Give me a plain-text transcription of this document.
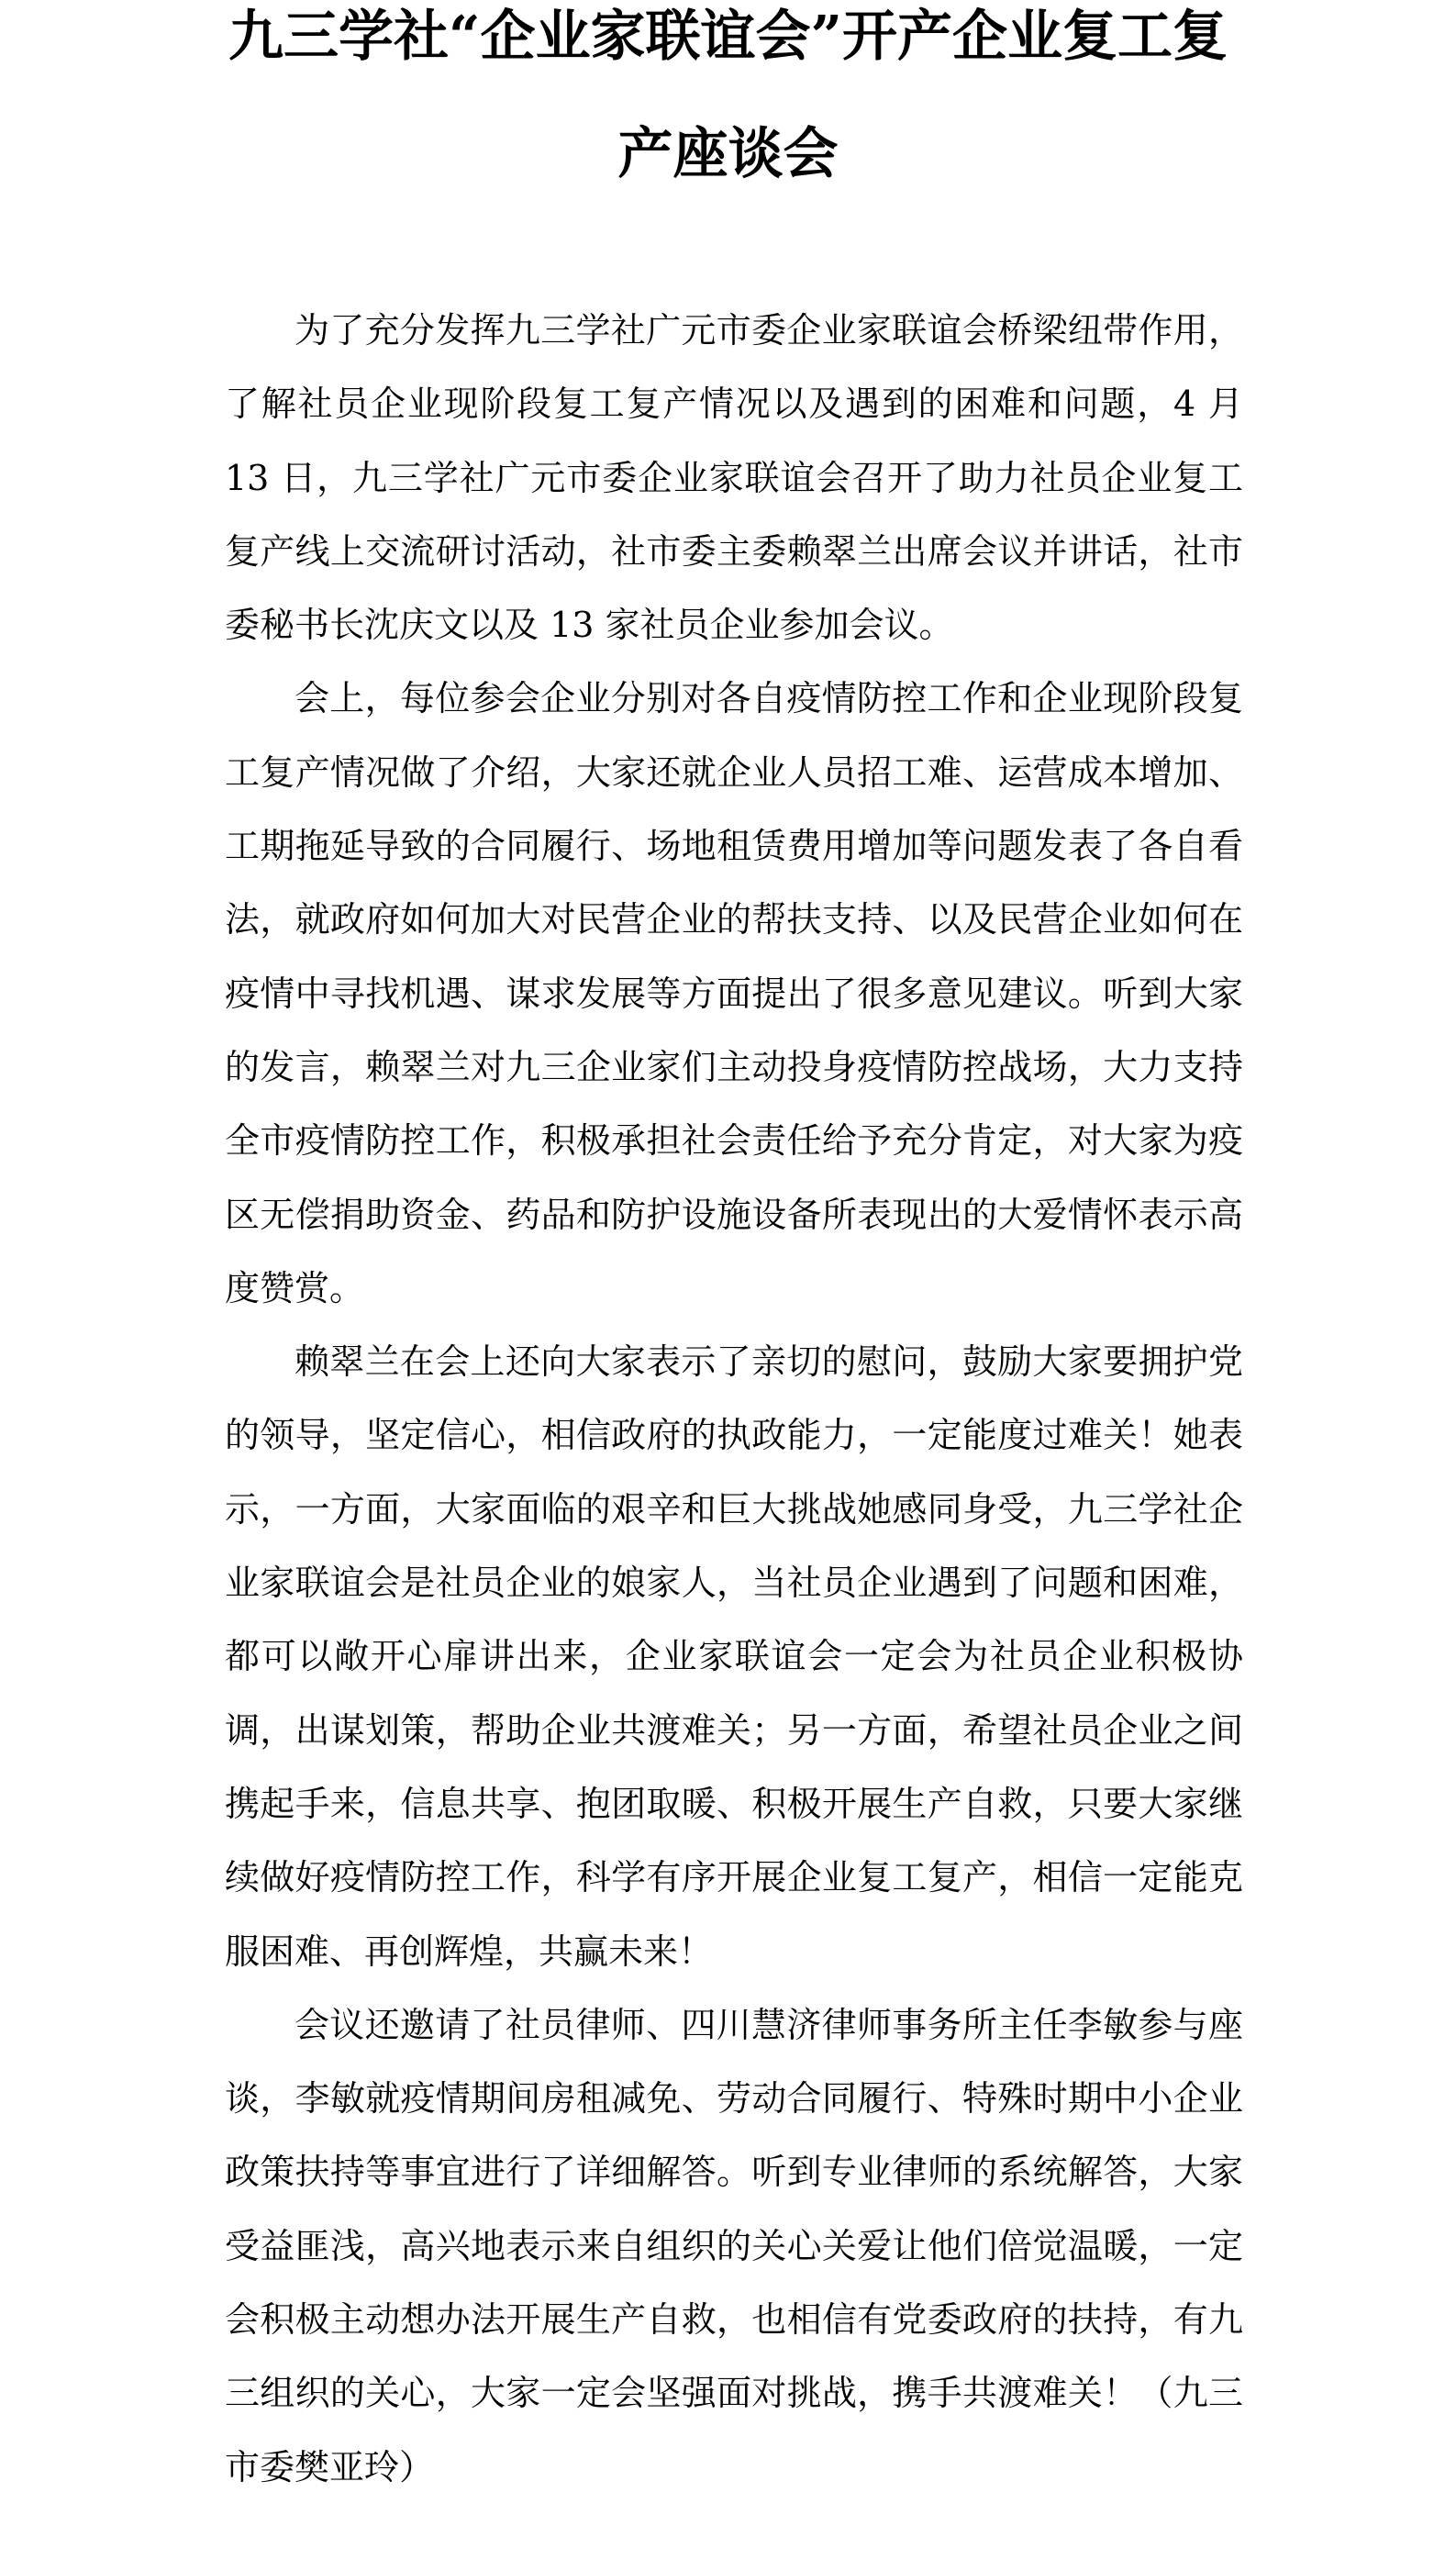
九三学社“企业家联谊会”开产企业复工复
产座谈会

为了充分发挥九三学社广元市委企业家联谊会桥梁纽带作用，了解社员企业现阶段复工复产情况以及遇到的困难和问题，4 月 13 日，九三学社广元市委企业家联谊会召开了助力社员企业复工复产线上交流研讨活动，社市委主委赖翠兰出席会议并讲话，社市委秘书长沈庆文以及 13 家社员企业参加会议。

会上，每位参会企业分别对各自疫情防控工作和企业现阶段复工复产情况做了介绍，大家还就企业人员招工难、运营成本增加、工期拖延导致的合同履行、场地租赁费用增加等问题发表了各自看法，就政府如何加大对民营企业的帮扶支持、以及民营企业如何在疫情中寻找机遇、谋求发展等方面提出了很多意见建议。听到大家的发言，赖翠兰对九三企业家们主动投身疫情防控战场，大力支持全市疫情防控工作，积极承担社会责任给予充分肯定，对大家为疫区无偿捐助资金、药品和防护设施设备所表现出的大爱情怀表示高度赞赏。

赖翠兰在会上还向大家表示了亲切的慰问，鼓励大家要拥护党的领导，坚定信心，相信政府的执政能力，一定能度过难关！她表示，一方面，大家面临的艰辛和巨大挑战她感同身受，九三学社企业家联谊会是社员企业的娘家人，当社员企业遇到了问题和困难，都可以敞开心扉讲出来，企业家联谊会一定会为社员企业积极协调，出谋划策，帮助企业共渡难关；另一方面，希望社员企业之间携起手来，信息共享、抱团取暖、积极开展生产自救，只要大家继续做好疫情防控工作，科学有序开展企业复工复产，相信一定能克服困难、再创辉煌，共赢未来！

会议还邀请了社员律师、四川慧济律师事务所主任李敏参与座谈，李敏就疫情期间房租减免、劳动合同履行、特殊时期中小企业政策扶持等事宜进行了详细解答。听到专业律师的系统解答，大家受益匪浅，高兴地表示来自组织的关心关爱让他们倍觉温暖，一定会积极主动想办法开展生产自救，也相信有党委政府的扶持，有九三组织的关心，大家一定会坚强面对挑战，携手共渡难关！（九三市委樊亚玲）
